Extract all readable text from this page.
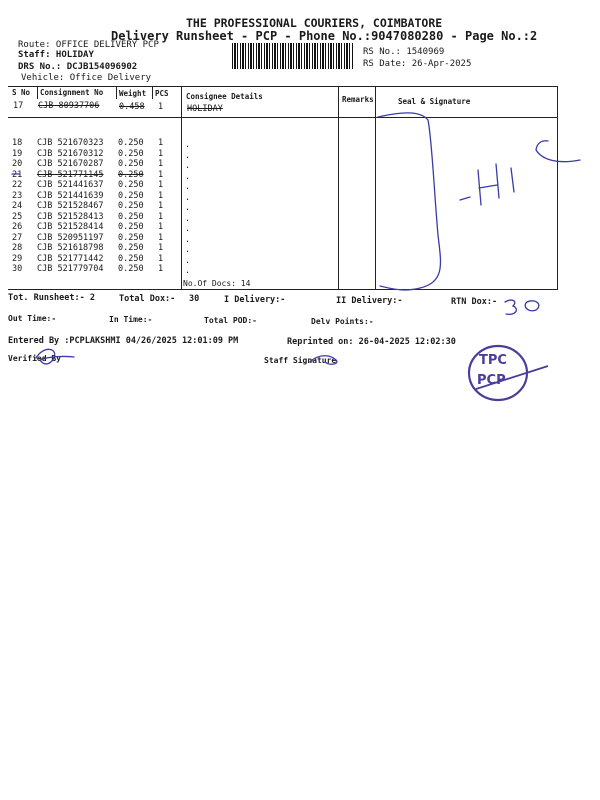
THE PROFESSIONAL COURIERS, COIMBATORE
Delivery Runsheet - PCP - Phone No.:9047080280 - Page No.:2
Route: OFFICE DELIVERY PCP
Staff: HOLIDAY
DRS No.: DCJB154096902
Vehicle: Office Delivery
RS No.: 1540969
RS Date: 26-Apr-2025
S No Consignment No Weight PCS Consignee Details	Remarks	Seal & Signature
17 CJB 80937706 0.458 1	HOLIDAY
18 CJB 521670323 0.250 1	.
19 CJB 521670312 0.250 1	.
20 CJB 521670287 0.250 1	.
21 CJB 521771145 0.250 1	.
22 CJB 521441637 0.250 1	.
23 CJB 521441639 0.250 1	.
24 CJB 521528467 0.250 1	.
25 CJB 521528413 0.250 1	.
26 CJB 521528414 0.250 1	.
27 CJB 520951197 0.250 1	.
28 CJB 521618798 0.250 1	.
29 CJB 521771442 0.250 1	.
30 CJB 521779704 0.250 1	.
No.Of Docs: 14
Tot. Runsheet:- 2	Total Dox:- 30	I Delivery:-	II Delivery:-	RTN Dox:-
Out Time:-	In Time:-	Total POD:-	Delv Points:-
Entered By :PCPLAKSHMI 04/26/2025 12:01:09 PM	Reprinted on: 26-04-2025 12:02:30
Verified By	Staff Signature	TPC
PCP
